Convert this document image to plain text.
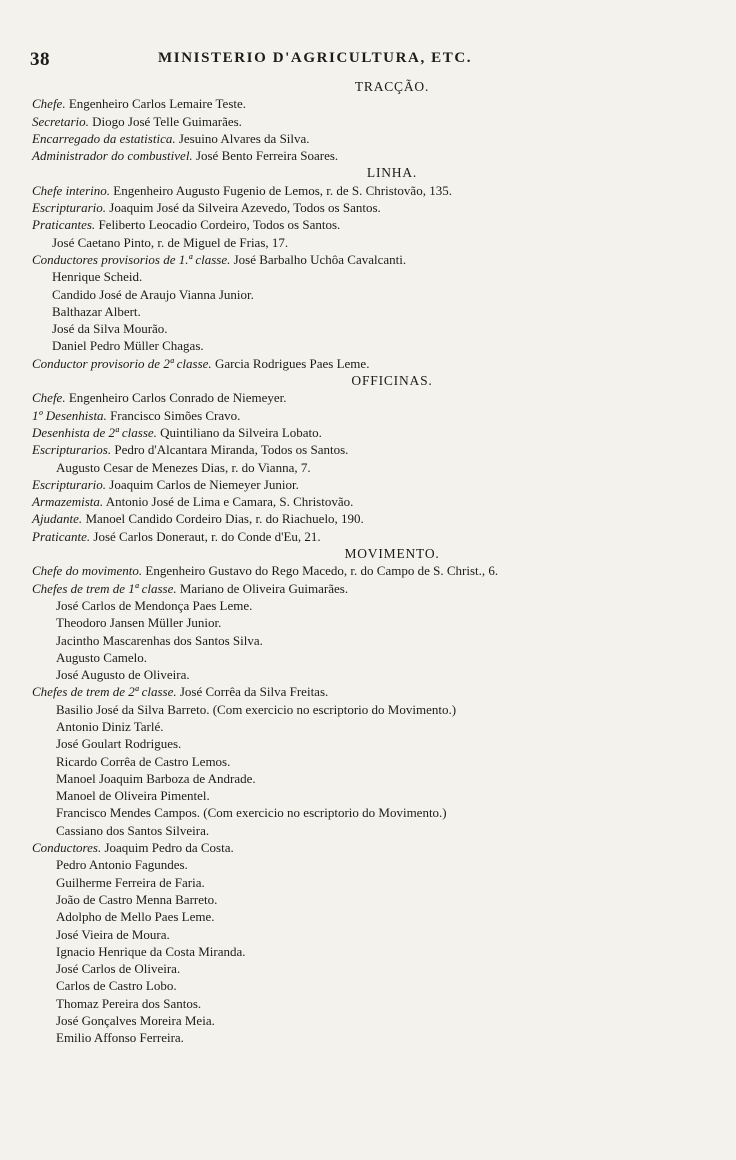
38	MINISTERIO D'AGRICULTURA, ETC.
TRACÇÃO.
Chefe. Engenheiro Carlos Lemaire Teste.
Secretario. Diogo José Telle Guimarães.
Encarregado da estatistica. Jesuino Alvares da Silva.
Administrador do combustivel. José Bento Ferreira Soares.
LINHA.
Chefe interino. Engenheiro Augusto Fugenio de Lemos, r. de S. Christovão, 135.
Escripturario. Joaquim José da Silveira Azevedo, Todos os Santos.
Praticantes. Feliberto Leocadio Cordeiro, Todos os Santos.
José Caetano Pinto, r. de Miguel de Frias, 17.
Conductores provisorios de 1.ª classe. José Barbalho Uchôa Cavalcanti.
Henrique Scheid.
Candido José de Araujo Vianna Junior.
Balthazar Albert.
José da Silva Mourão.
Daniel Pedro Müller Chagas.
Conductor provisorio de 2ª classe. Garcia Rodrigues Paes Leme.
OFFICINAS.
Chefe. Engenheiro Carlos Conrado de Niemeyer.
1º Desenhista. Francisco Simões Cravo.
Desenhista de 2ª classe. Quintiliano da Silveira Lobato.
Escripturarios. Pedro d'Alcantara Miranda, Todos os Santos.
Augusto Cesar de Menezes Dias, r. do Vianna, 7.
Escripturario. Joaquim Carlos de Niemeyer Junior.
Armazemista. Antonio José de Lima e Camara, S. Christovão.
Ajudante. Manoel Candido Cordeiro Dias, r. do Riachuelo, 190.
Praticante. José Carlos Doneraut, r. do Conde d'Eu, 21.
MOVIMENTO.
Chefe do movimento. Engenheiro Gustavo do Rego Macedo, r. do Campo de S. Christ., 6.
Chefes de trem de 1ª classe. Mariano de Oliveira Guimarães.
José Carlos de Mendonça Paes Leme.
Theodoro Jansen Müller Junior.
Jacintho Mascarenhas dos Santos Silva.
Augusto Camelo.
José Augusto de Oliveira.
Chefes de trem de 2ª classe. José Corrêa da Silva Freitas.
Basilio José da Silva Barreto. (Com exercicio no escriptorio do Movimento.)
Antonio Diniz Tarlé.
José Goulart Rodrigues.
Ricardo Corrêa de Castro Lemos.
Manoel Joaquim Barboza de Andrade.
Manoel de Oliveira Pimentel.
Francisco Mendes Campos. (Com exercicio no escriptorio do Movimento.)
Cassiano dos Santos Silveira.
Conductores. Joaquim Pedro da Costa.
Pedro Antonio Fagundes.
Guilherme Ferreira de Faria.
João de Castro Menna Barreto.
Adolpho de Mello Paes Leme.
José Vieira de Moura.
Ignacio Henrique da Costa Miranda.
José Carlos de Oliveira.
Carlos de Castro Lobo.
Thomaz Pereira dos Santos.
José Gonçalves Moreira Meia.
Emilio Affonso Ferreira.
